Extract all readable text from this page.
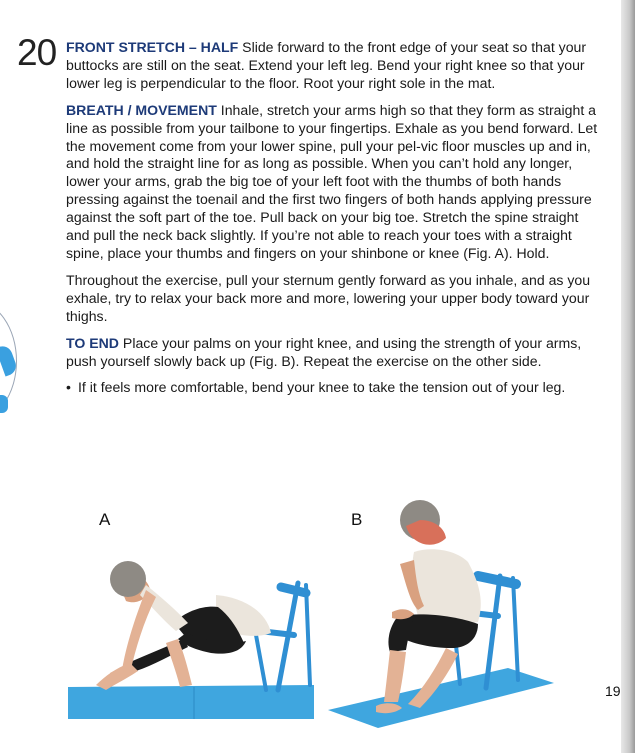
20 FRONT STRETCH – HALF Slide forward to the front edge of your seat so that your buttocks are still on the seat. Extend your left leg. Bend your right knee so that your lower leg is perpendicular to the floor. Root your right sole in the mat.

BREATH / MOVEMENT Inhale, stretch your arms high so that they form as straight a line as possible from your tailbone to your fingertips. Exhale as you bend forward. Let the movement come from your lower spine, pull your pel-vic floor muscles up and in, and hold the straight line for as long as possible. When you can’t hold any longer, lower your arms, grab the big toe of your left foot with the thumbs of both hands pressing against the toenail and the first two fingers of both hands applying pressure against the soft part of the toe. Pull back on your big toe. Stretch the spine straight and pull the neck back slightly. If you’re not able to reach your toes with a straight spine, place your thumbs and fingers on your shinbone or knee (Fig. A). Hold.

Throughout the exercise, pull your sternum gently forward as you inhale, and as you exhale, try to relax your back more and more, lowering your upper body toward your thighs.

TO END Place your palms on your right knee, and using the strength of your arms, push yourself slowly back up (Fig. B). Repeat the exercise on the other side.

• If it feels more comfortable, bend your knee to take the tension out of your leg.
A	B
19
